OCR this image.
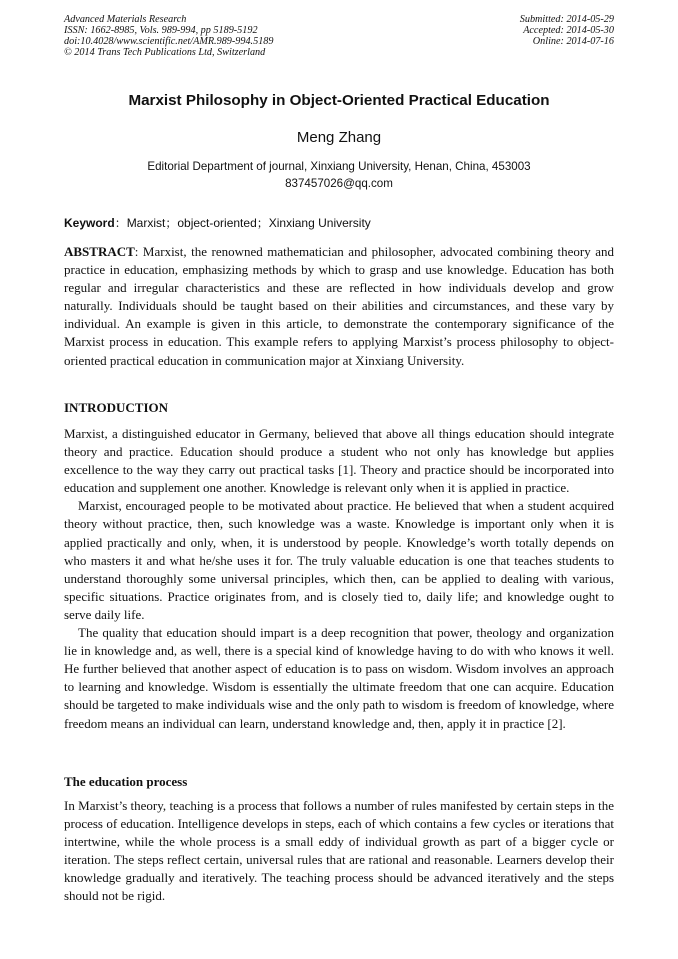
Advanced Materials Research
ISSN: 1662-8985, Vols. 989-994, pp 5189-5192
doi:10.4028/www.scientific.net/AMR.989-994.5189
© 2014 Trans Tech Publications Ltd, Switzerland
Submitted: 2014-05-29
Accepted: 2014-05-30
Online: 2014-07-16
Marxist Philosophy in Object-Oriented Practical Education
Meng Zhang
Editorial Department of journal, Xinxiang University, Henan, China, 453003
837457026@qq.com
Keyword：Marxist；object-oriented；Xinxiang University

ABSTRACT: Marxist, the renowned mathematician and philosopher, advocated combining theory and practice in education, emphasizing methods by which to grasp and use knowledge. Education has both regular and irregular characteristics and these are reflected in how individuals develop and grow naturally. Individuals should be taught based on their abilities and circumstances, and these vary by individual. An example is given in this article, to demonstrate the contemporary significance of the Marxist process in education. This example refers to applying Marxist’s process philosophy to object-oriented practical education in communication major at Xinxiang University.

INTRODUCTION

Marxist, a distinguished educator in Germany, believed that above all things education should integrate theory and practice. Education should produce a student who not only has knowledge but applies excellence to the way they carry out practical tasks [1]. Theory and practice should be incorporated into education and supplement one another. Knowledge is relevant only when it is applied in practice.

Marxist, encouraged people to be motivated about practice. He believed that when a student acquired theory without practice, then, such knowledge was a waste. Knowledge is important only when it is applied practically and only, when, it is understood by people. Knowledge’s worth totally depends on who masters it and what he/she uses it for. The truly valuable education is one that teaches students to understand thoroughly some universal principles, which then, can be applied to dealing with various, specific situations. Practice originates from, and is closely tied to, daily life; and knowledge ought to serve daily life.

The quality that education should impart is a deep recognition that power, theology and organization lie in knowledge and, as well, there is a special kind of knowledge having to do with who knows it well. He further believed that another aspect of education is to pass on wisdom. Wisdom involves an approach to learning and knowledge. Wisdom is essentially the ultimate freedom that one can acquire. Education should be targeted to make individuals wise and the only path to wisdom is freedom of knowledge, where freedom means an individual can learn, understand knowledge and, then, apply it in practice [2].

The education process

In Marxist’s theory, teaching is a process that follows a number of rules manifested by certain steps in the process of education. Intelligence develops in steps, each of which contains a few cycles or iterations that intertwine, while the whole process is a small eddy of individual growth as part of a bigger cycle or iteration. The steps reflect certain, universal rules that are rational and reasonable. Learners develop their knowledge gradually and iteratively. The teaching process should be advanced iteratively and the steps should not be rigid.
